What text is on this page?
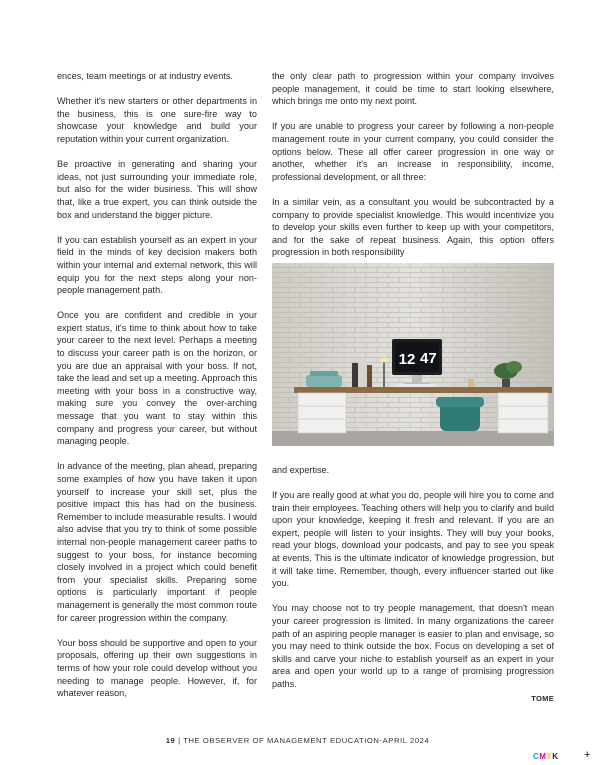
ences, team meetings or at industry events.

Whether it's new starters or other departments in the business, this is one sure-fire way to showcase your knowledge and build your reputation within your current organization.

Be proactive in generating and sharing your ideas, not just surrounding your immediate role, but also for the wider business. This will show that, like a true expert, you can think outside the box and understand the bigger picture.

If you can establish yourself as an expert in your field in the minds of key decision makers both within your internal and external network, this will equip you for the next steps along your non-people management path.

Once you are confident and credible in your expert status, it's time to think about how to take your career to the next level. Perhaps a meeting to discuss your career path is on the horizon, or you are due an appraisal with your boss. If not, take the lead and set up a meeting. Approach this meeting with your boss in a constructive way, making sure you convey the over-arching message that you want to stay within this company and progress your career, but without managing people.

In advance of the meeting, plan ahead, preparing some examples of how you have taken it upon yourself to increase your skill set, plus the positive impact this has had on the business. Remember to include measurable results. I would also advise that you try to think of some possible internal non-people management career paths to suggest to your boss, for instance becoming closely involved in a project which could benefit from your specialist skills. Preparing some options is particularly important if people management is generally the most common route for career progression within the company.

Your boss should be supportive and open to your proposals, offering up their own suggestions in terms of how your role could develop without you needing to manage people. However, if, for whatever reason,

the only clear path to progression within your company involves people management, it could be time to start looking elsewhere, which brings me onto my next point.

If you are unable to progress your career by following a non-people management route in your current company, you could consider the options below. These all offer career progression in one way or another, whether it's an increase in responsibility, income, professional development, or all three:

In a similar vein, as a consultant you would be subcontracted by a company to provide specialist knowledge. This would incentivize you to develop your skills even further to keep up with your competitors, and for the sake of repeat business. Again, this option offers progression in both responsibility

12 47

and expertise.

If you are really good at what you do, people will hire you to come and train their employees. Teaching others will help you to clarify and build upon your knowledge, keeping it fresh and relevant. If you are an expert, people will listen to your insights. They will buy your books, read your blogs, download your podcasts, and pay to see you speak at events. This is the ultimate indicator of knowledge progression, but it will take time. Remember, though, every influencer started out like you.

You may choose not to try people management, that doesn't mean your career progression is limited. In many organizations the career path of an aspiring people manager is easier to plan and envisage, so you may need to think outside the box. Focus on developing a set of skills and carve your niche to establish yourself as an expert in your area and open your world up to a range of promising progression paths.

TOME
19 | THE OBSERVER OF MANAGEMENT EDUCATION-APRIL 2024
CMYK +
